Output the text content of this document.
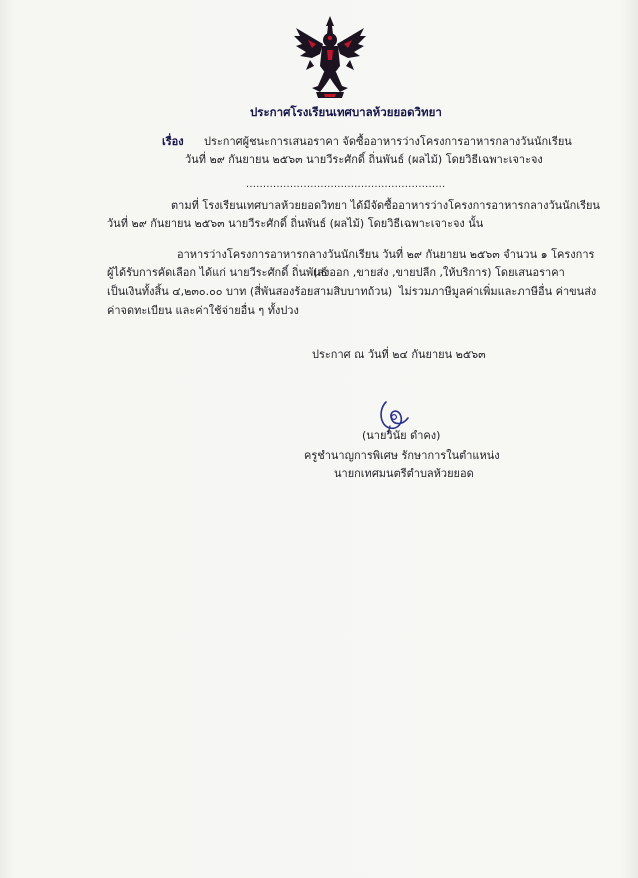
ประกาศโรงเรียนเทศบาลห้วยยอดวิทยา
เรื่อง ประกาศผู้ชนะการเสนอราคา จัดซื้ออาหารว่างโครงการอาหารกลางวันนักเรียน
วันที่ ๒๙ กันยายน ๒๕๖๓ นายวีระศักดิ์ ถิ่นพันธ์ (ผลไม้) โดยวิธีเฉพาะเจาะจง
...........................................................
ตามที่ โรงเรียนเทศบาลห้วยยอดวิทยา ได้มีจัดซื้ออาหารว่างโครงการอาหารกลางวันนักเรียน
วันที่ ๒๙ กันยายน ๒๕๖๓ นายวีระศักดิ์ ถิ่นพันธ์ (ผลไม้) โดยวิธีเฉพาะเจาะจง นั้น
อาหารว่างโครงการอาหารกลางวันนักเรียน วันที่ ๒๙ กันยายน ๒๕๖๓ จำนวน ๑ โครงการ
ผู้ได้รับการคัดเลือก ได้แก่ นายวีระศักดิ์ ถิ่นพันธ์
(ส่งออก ,ขายส่ง ,ขายปลีก ,ให้บริการ) โดยเสนอราคา
เป็นเงินทั้งสิ้น ๔,๒๓๐.๐๐ บาท (สี่พันสองร้อยสามสิบบาทถ้วน) ไม่รวมภาษีมูลค่าเพิ่มและภาษีอื่น ค่าขนส่ง
ค่าจดทะเบียน และค่าใช้จ่ายอื่น ๆ ทั้งปวง
ประกาศ ณ วันที่ ๒๔ กันยายน ๒๕๖๓
(นายวินัย ดำคง)
ครูชำนาญการพิเศษ รักษาการในตำแหน่ง
นายกเทศมนตรีตำบลห้วยยอด
